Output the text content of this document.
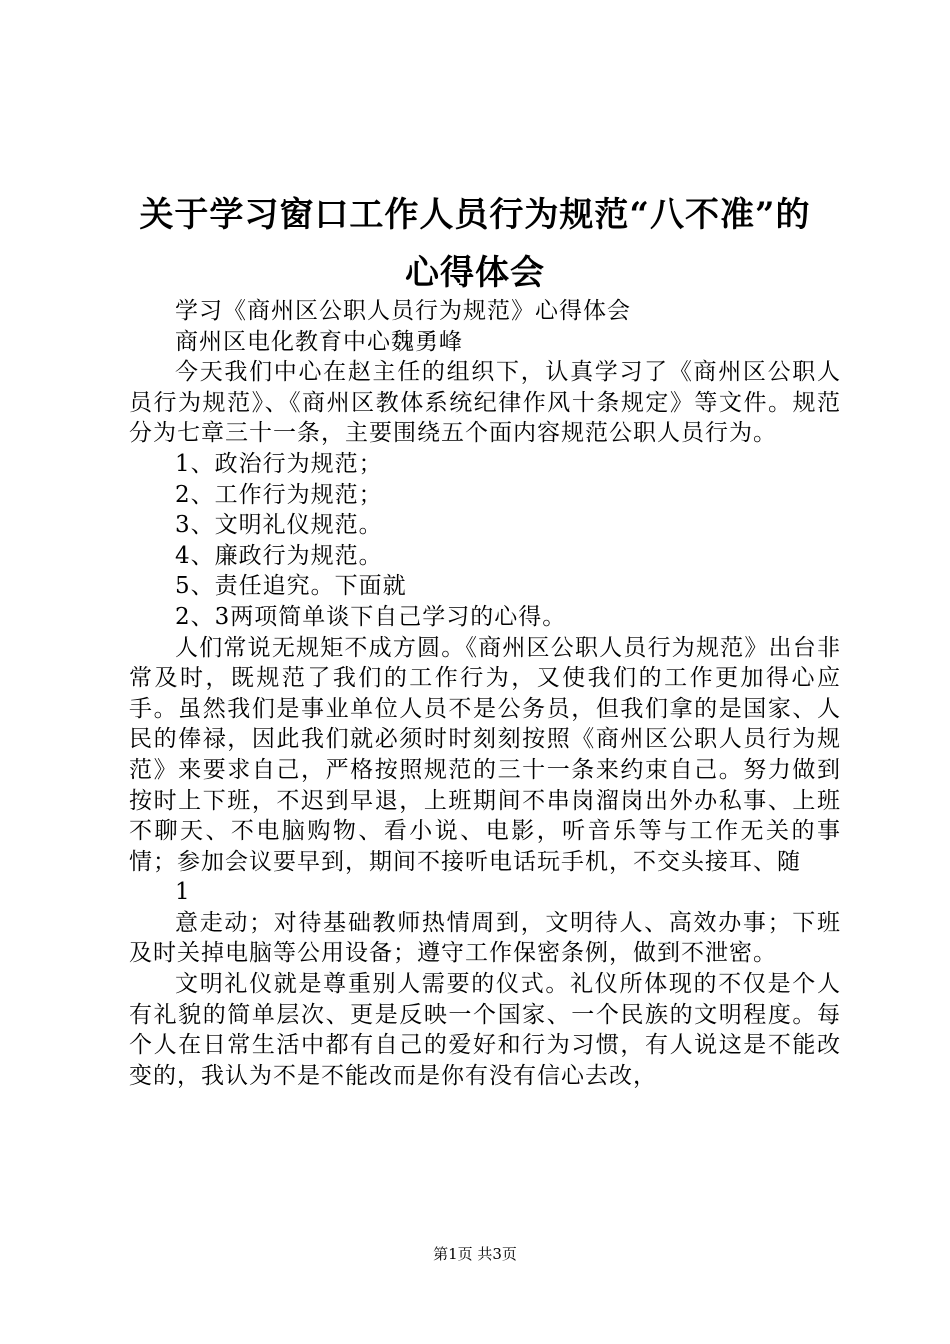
关于学习窗口工作人员行为规范“八不准”的
心得体会

学习《商州区公职人员行为规范》心得体会

商州区电化教育中心魏勇峰

今天我们中心在赵主任的组织下，认真学习了《商州区公职人员行为规范》、《商州区教体系统纪律作风十条规定》等文件。规范分为七章三十一条，主要围绕五个面内容规范公职人员行为。

1、政治行为规范；

2、工作行为规范；

3、文明礼仪规范。

4、廉政行为规范。

5、责任追究。下面就

2、3两项简单谈下自己学习的心得。

人们常说无规矩不成方圆。《商州区公职人员行为规范》出台非常及时，既规范了我们的工作行为，又使我们的工作更加得心应手。虽然我们是事业单位人员不是公务员，但我们拿的是国家、人民的俸禄，因此我们就必须时时刻刻按照《商州区公职人员行为规范》来要求自己，严格按照规范的三十一条来约束自己。努力做到按时上下班，不迟到早退，上班期间不串岗溜岗出外办私事、上班不聊天、不电脑购物、看小说、电影，听音乐等与工作无关的事情；参加会议要早到，期间不接听电话玩手机，不交头接耳、随

1

意走动；对待基础教师热情周到，文明待人、高效办事；下班及时关掉电脑等公用设备；遵守工作保密条例，做到不泄密。

文明礼仪就是尊重别人需要的仪式。礼仪所体现的不仅是个人有礼貌的简单层次、更是反映一个国家、一个民族的文明程度。每个人在日常生活中都有自己的爱好和行为习惯，有人说这是不能改变的，我认为不是不能改而是你有没有信心去改，

第1页 共3页
